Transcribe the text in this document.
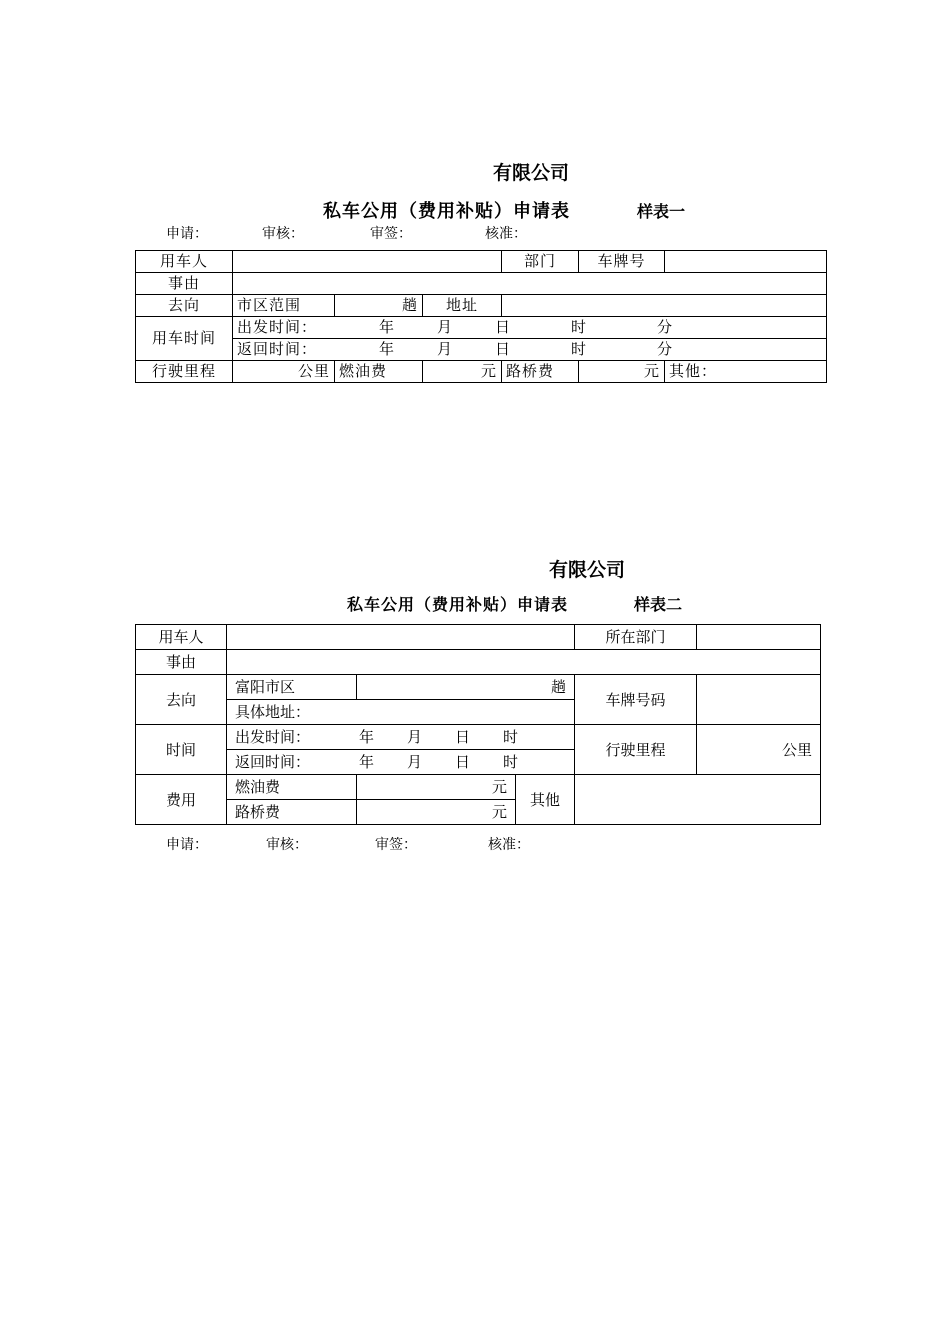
有限公司
私车公用（费用补贴）申请表	样表一
申请：	审核：	审签：	核准：
用车人				部门	车牌号	
事由						
去向	市区范围	趟	地址			
用车时间	出发时间： 年 月 日 时 分					
	返回时间： 年 月 日 时 分					
行驶里程	公里	燃油费	元	路桥费	元	其他：
有限公司
私车公用（费用补贴）申请表	样表二
用车人				所在部门	
事由					
去向	富阳市区	趟		车牌号码	
	具体地址：				
时间	出发时间： 年 月 日 时			行驶里程	公里
	返回时间： 年 月 日 时				
费用	燃油费	元	其他		
	路桥费	元			
申请：	审核：	审签：	核准：
